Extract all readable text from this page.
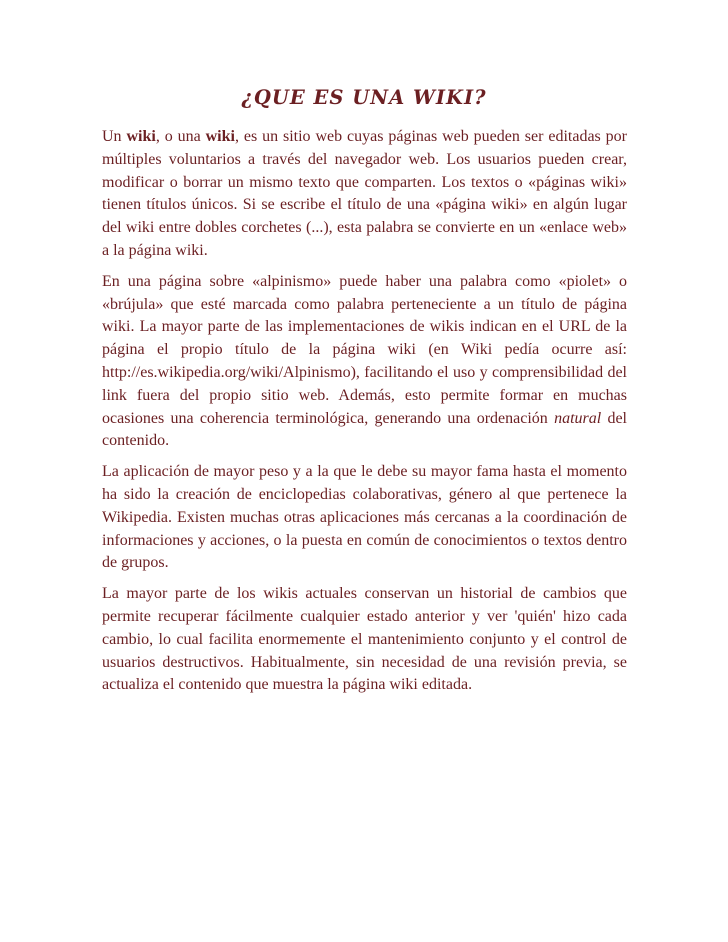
¿QUE ES UNA WIKI?

Un wiki, o una wiki, es un sitio web cuyas páginas web pueden ser editadas por múltiples voluntarios a través del navegador web. Los usuarios pueden crear, modificar o borrar un mismo texto que comparten. Los textos o «páginas wiki» tienen títulos únicos. Si se escribe el título de una «página wiki» en algún lugar del wiki entre dobles corchetes (...), esta palabra se convierte en un «enlace web» a la página wiki.

En una página sobre «alpinismo» puede haber una palabra como «piolet» o «brújula» que esté marcada como palabra perteneciente a un título de página wiki. La mayor parte de las implementaciones de wikis indican en el URL de la página el propio título de la página wiki (en Wiki pedía ocurre así: http://es.wikipedia.org/wiki/Alpinismo), facilitando el uso y comprensibilidad del link fuera del propio sitio web. Además, esto permite formar en muchas ocasiones una coherencia terminológica, generando una ordenación natural del contenido.

La aplicación de mayor peso y a la que le debe su mayor fama hasta el momento ha sido la creación de enciclopedias colaborativas, género al que pertenece la Wikipedia. Existen muchas otras aplicaciones más cercanas a la coordinación de informaciones y acciones, o la puesta en común de conocimientos o textos dentro de grupos.

La mayor parte de los wikis actuales conservan un historial de cambios que permite recuperar fácilmente cualquier estado anterior y ver 'quién' hizo cada cambio, lo cual facilita enormemente el mantenimiento conjunto y el control de usuarios destructivos. Habitualmente, sin necesidad de una revisión previa, se actualiza el contenido que muestra la página wiki editada.
